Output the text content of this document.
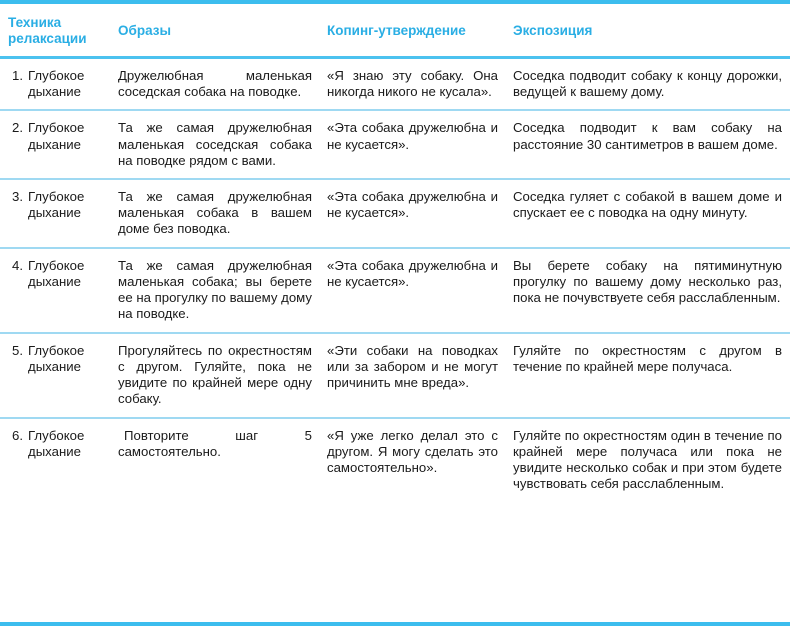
Техника
релаксации	Образы	Копинг-утверждение	Экспозиция

1. Глубокое дыхание	Дружелюбная маленькая соседская собака на поводке.	«Я знаю эту собаку. Она никогда никого не кусала».	Соседка подводит собаку к концу дорожки, ведущей к вашему дому.

2. Глубокое дыхание	Та же самая дружелюбная маленькая соседская собака на поводке рядом с вами.	«Эта собака дружелюбна и не кусается».	Соседка подводит к вам собаку на расстояние 30 сантиметров в вашем доме.

3. Глубокое дыхание	Та же самая дружелюбная маленькая собака в вашем доме без поводка.	«Эта собака дружелюбна и не кусается».	Соседка гуляет с собакой в вашем доме и спускает ее с поводка на одну минуту.

4. Глубокое дыхание	Та же самая дружелюбная маленькая собака; вы берете ее на прогулку по вашему дому на поводке.	«Эта собака дружелюбна и не кусается».	Вы берете собаку на пятиминутную прогулку по вашему дому несколько раз, пока не почувствуете себя расслабленным.

5. Глубокое дыхание	Прогуляйтесь по окрестностям с другом. Гуляйте, пока не увидите по крайней мере одну собаку.	«Эти собаки на поводках или за забором и не могут причинить мне вреда».	Гуляйте по окрестностям с другом в течение по крайней мере получаса.

6. Глубокое дыхание	Повторите шаг 5 самостоятельно.	«Я уже легко делал это с другом. Я могу сделать это самостоятельно».	Гуляйте по окрестностям один в течение по крайней мере получаса или пока не увидите несколько собак и при этом будете чувствовать себя расслабленным.
